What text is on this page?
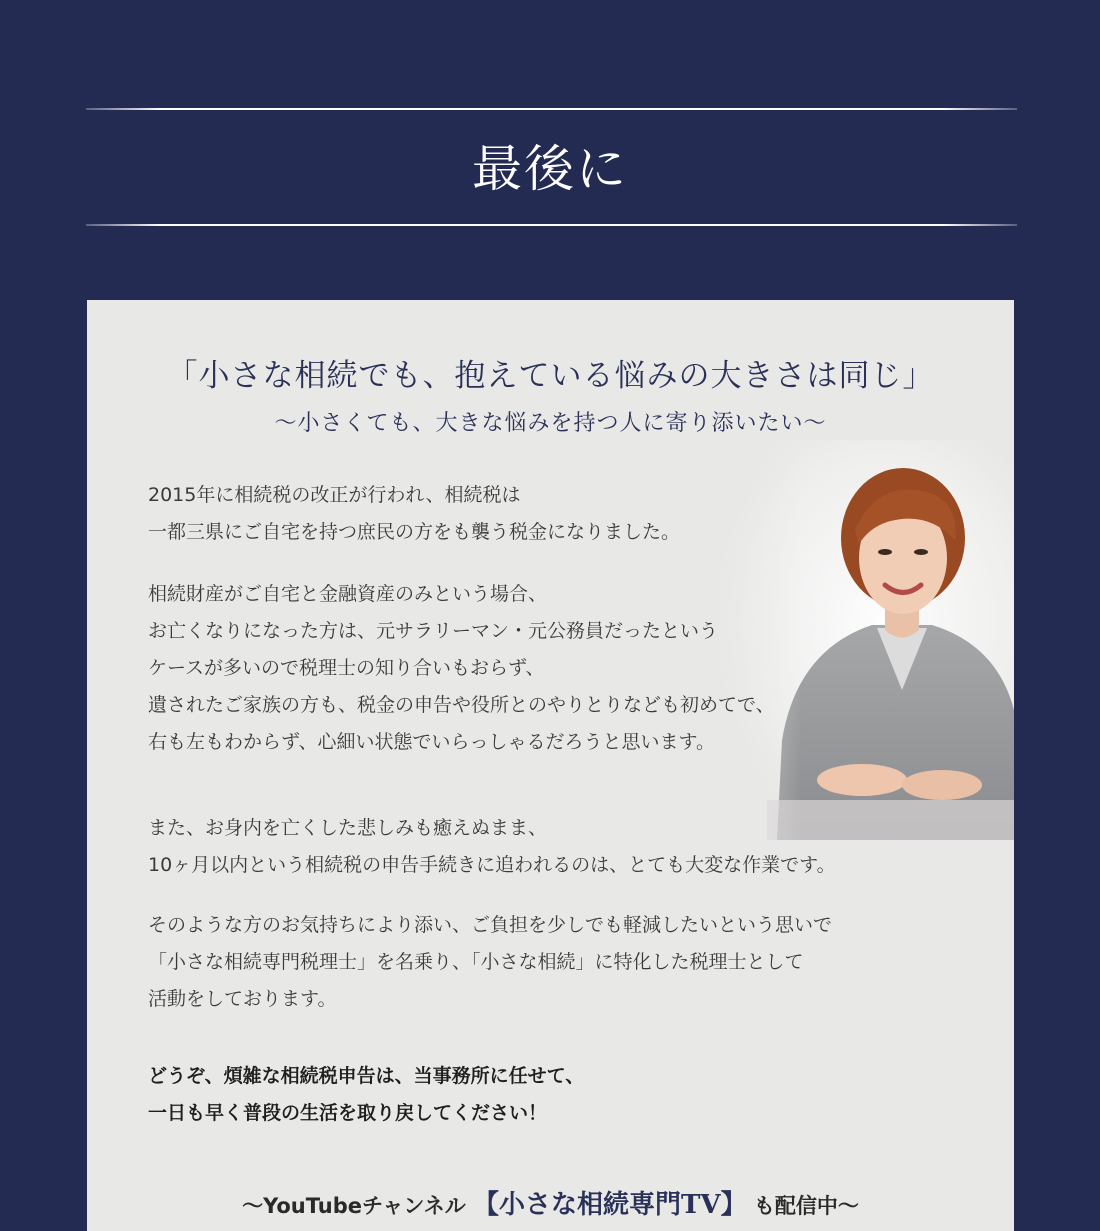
最後に
「小さな相続でも、抱えている悩みの大きさは同じ」

～小さくても、大きな悩みを持つ人に寄り添いたい～

2015年に相続税の改正が行われ、相続税は
一都三県にご自宅を持つ庶民の方をも襲う税金になりました。

相続財産がご自宅と金融資産のみという場合、
お亡くなりになった方は、元サラリーマン・元公務員だったという
ケースが多いので税理士の知り合いもおらず、
遺されたご家族の方も、税金の申告や役所とのやりとりなども初めてで、
右も左もわからず、心細い状態でいらっしゃるだろうと思います。

また、お身内を亡くした悲しみも癒えぬまま、
10ヶ月以内という相続税の申告手続きに追われるのは、とても大変な作業です。

そのような方のお気持ちにより添い、ご負担を少しでも軽減したいという思いで
「小さな相続専門税理士」を名乗り、「小さな相続」に特化した税理士として
活動をしております。

どうぞ、煩雑な相続税申告は、当事務所に任せて、
一日も早く普段の生活を取り戻してください！

～YouTubeチャンネル 【小さな相続専門TV】 も配信中～
